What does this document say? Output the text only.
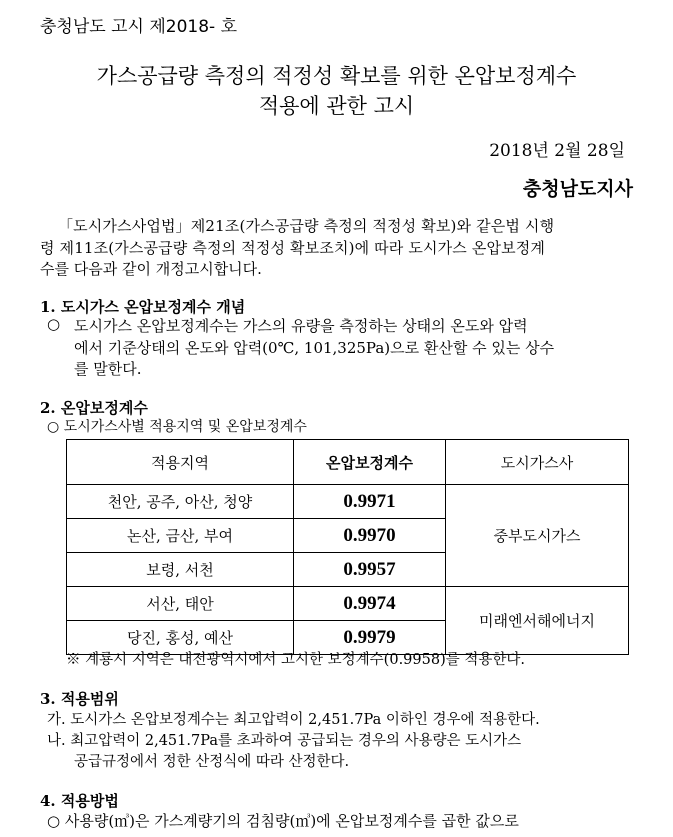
충청남도 고시 제2018- 호
가스공급량 측정의 적정성 확보를 위한 온압보정계수
적용에 관한 고시
2018년 2월 28일
충청남도지사
「도시가스사업법」제21조(가스공급량 측정의 적정성 확보)와 같은법 시행
령 제11조(가스공급량 측정의 적정성 확보조치)에 따라 도시가스 온압보정계
수를 다음과 같이 개정고시합니다.
1. 도시가스 온압보정계수 개념
○ 도시가스 온압보정계수는 가스의 유량을 측정하는 상태의 온도와 압력
에서 기준상태의 온도와 압력(0℃, 101,325Pa)으로 환산할 수 있는 상수
를 말한다.
2. 온압보정계수
○ 도시가스사별 적용지역 및 온압보정계수
적용지역	온압보정계수	도시가스사
천안, 공주, 아산, 청양	0.9971	중부도시가스
논산, 금산, 부여	0.9970	
보령, 서천	0.9957	
서산, 태안	0.9974	미래엔서해에너지
당진, 홍성, 예산	0.9979	
※ 계룡시 지역은 대전광역시에서 고시한 보정계수(0.9958)를 적용한다.
3. 적용범위
가. 도시가스 온압보정계수는 최고압력이 2,451.7Pa 이하인 경우에 적용한다.
나. 최고압력이 2,451.7Pa를 초과하여 공급되는 경우의 사용량은 도시가스
공급규정에서 정한 산정식에 따라 산정한다.
4. 적용방법
○ 사용량(㎥)은 가스계량기의 검침량(㎥)에 온압보정계수를 곱한 값으로
